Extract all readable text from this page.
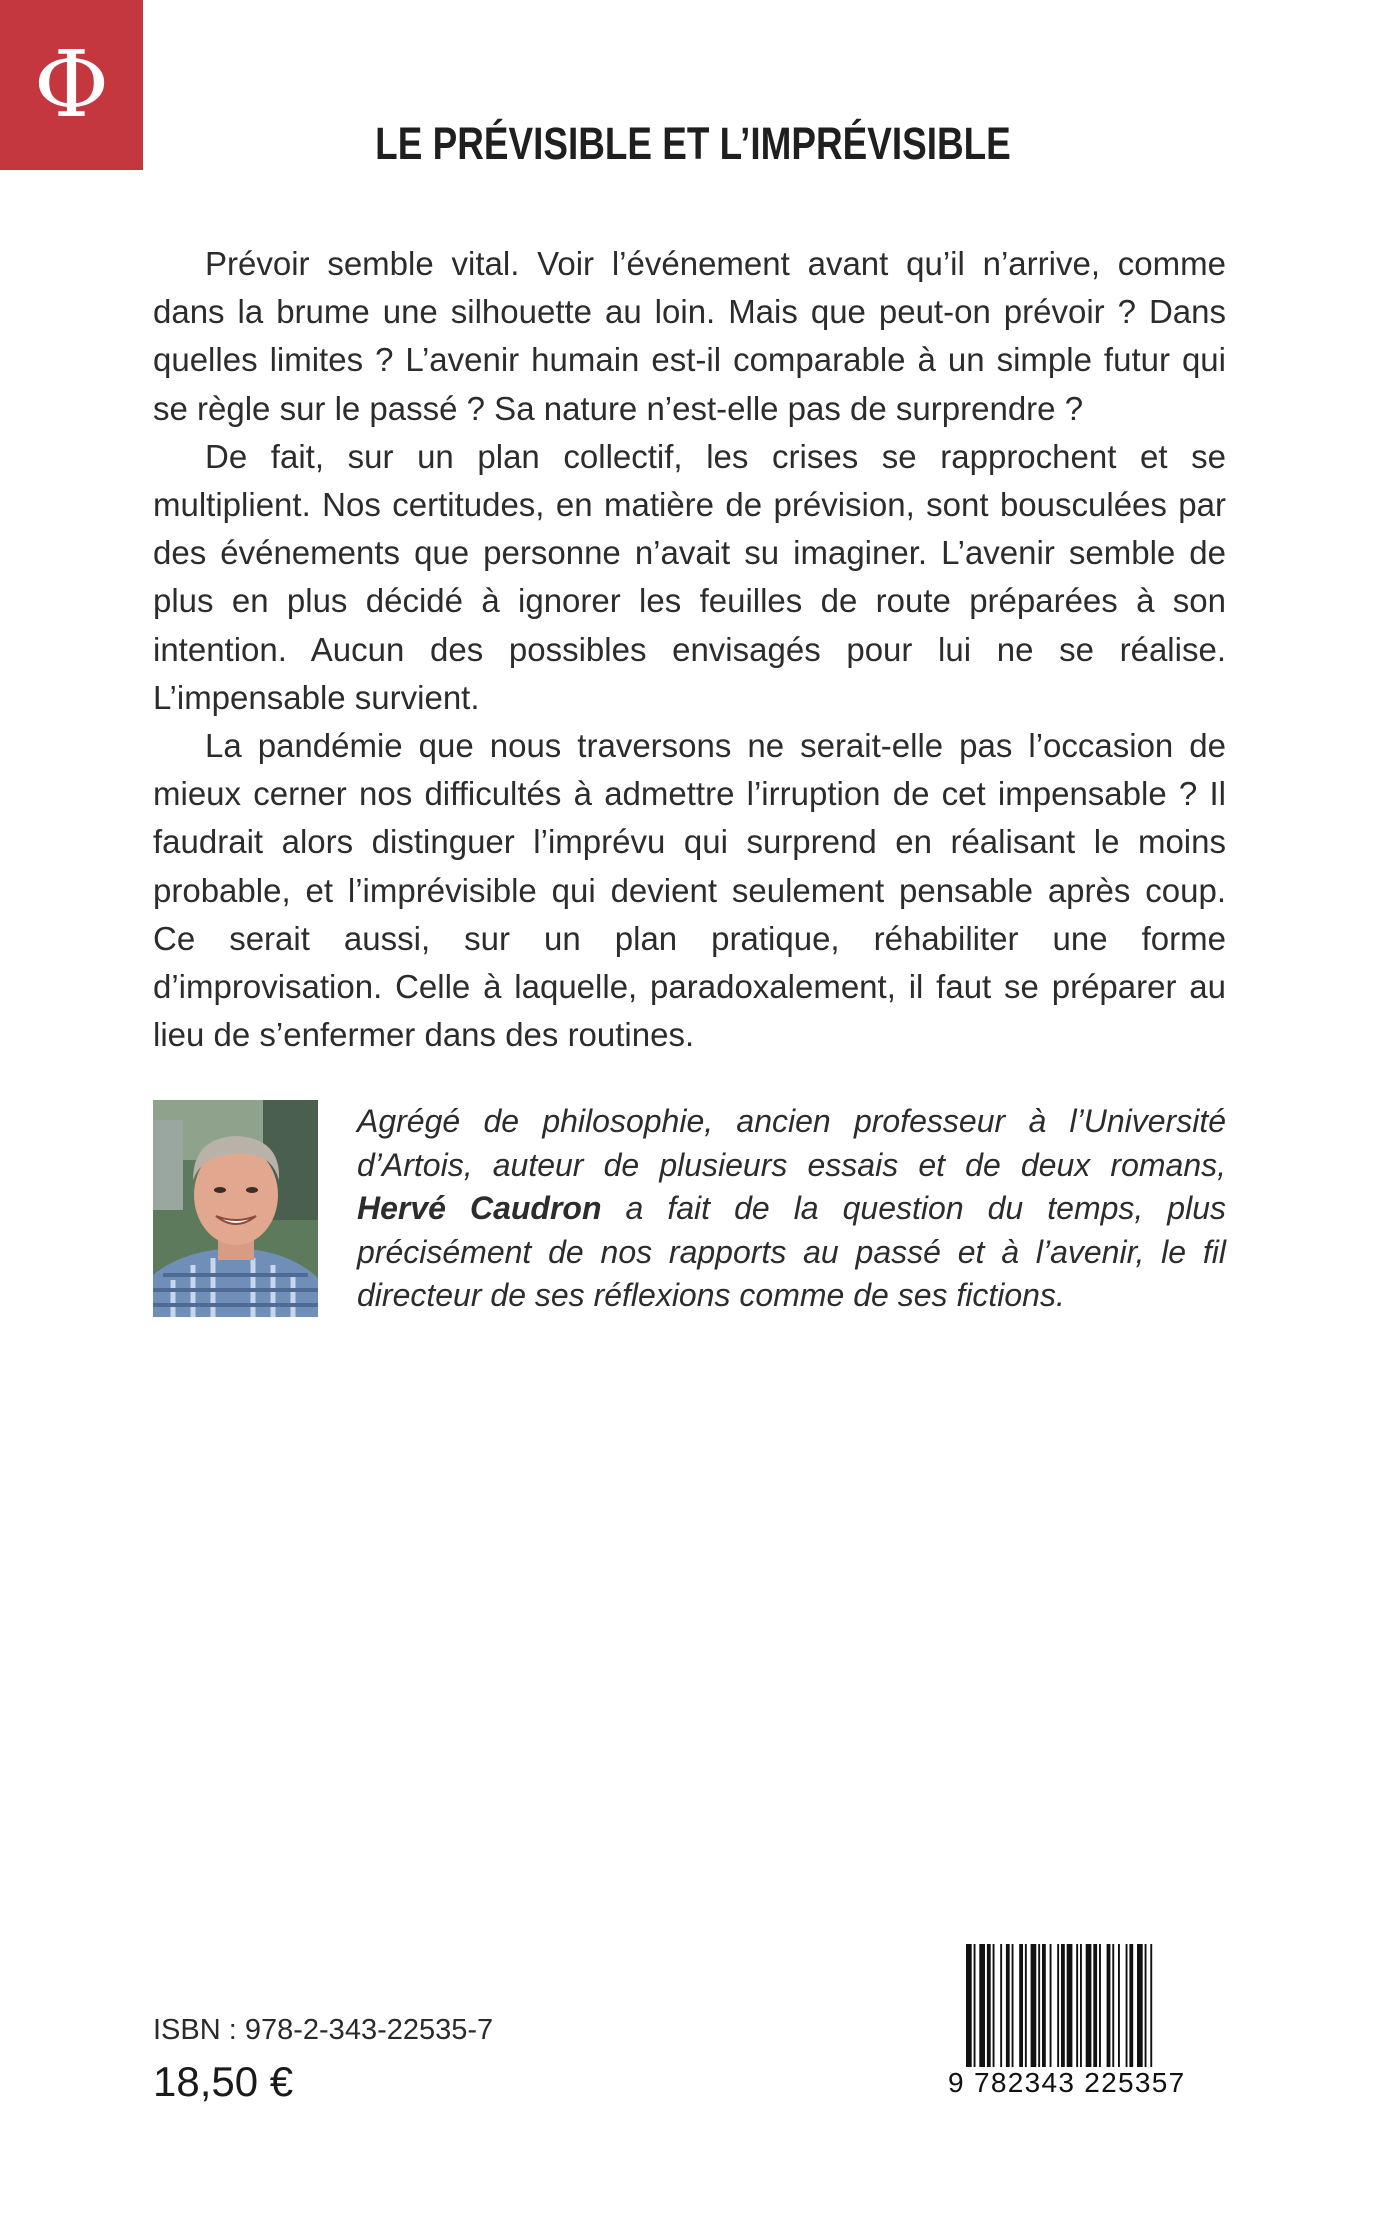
Φ
LE PRÉVISIBLE ET L’IMPRÉVISIBLE

Prévoir semble vital. Voir l’événement avant qu’il n’arrive, comme dans la brume une silhouette au loin. Mais que peut-on prévoir ? Dans quelles limites ? L’avenir humain est-il comparable à un simple futur qui se règle sur le passé ? Sa nature n’est-elle pas de surprendre ?

De fait, sur un plan collectif, les crises se rapprochent et se multiplient. Nos certitudes, en matière de prévision, sont bousculées par des événements que personne n’avait su imaginer. L’avenir semble de plus en plus décidé à ignorer les feuilles de route préparées à son intention. Aucun des possibles envisagés pour lui ne se réalise. L’impensable survient.

La pandémie que nous traversons ne serait-elle pas l’occasion de mieux cerner nos difficultés à admettre l’irruption de cet impensable ? Il faudrait alors distinguer l’imprévu qui surprend en réalisant le moins probable, et l’imprévisible qui devient seulement pensable après coup. Ce serait aussi, sur un plan pratique, réhabiliter une forme d’improvisation. Celle à laquelle, paradoxalement, il faut se préparer au lieu de s’enfermer dans des routines.

Agrégé de philosophie, ancien professeur à l’Université d’Artois, auteur de plusieurs essais et de deux romans, Hervé Caudron a fait de la question du temps, plus précisément de nos rapports au passé et à l’avenir, le fil directeur de ses réflexions comme de ses fictions.
ISBN : 978-2-343-22535-7
18,50 €	9 782343 225357
